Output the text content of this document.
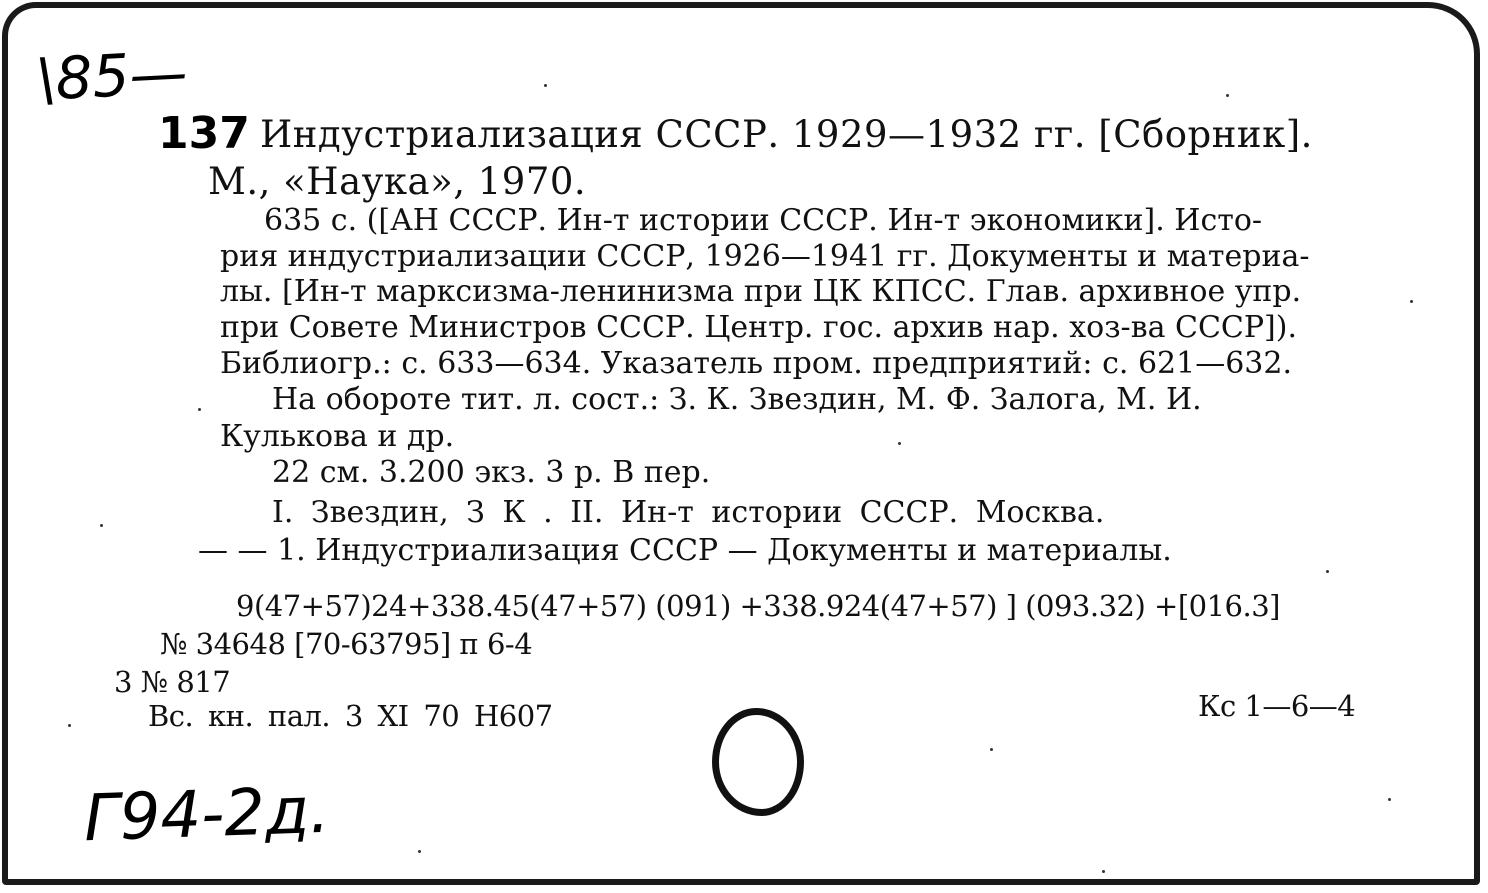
\85—
137
Г94-2д.
Индустриализация СССР. 1929—1932 гг. [Сборник].
М., «Наука», 1970.
635 с. ([АН СССР. Ин-т истории СССР. Ин-т экономики]. Исто-
рия индустриализации СССР, 1926—1941 гг. Документы и материа-
лы. [Ин-т марксизма-ленинизма при ЦК КПСС. Глав. архивное упр.
при Совете Министров СССР. Центр. гос. архив нар. хоз-ва СССР]).
Библиогр.: с. 633—634. Указатель пром. предприятий: с. 621—632.
На обороте тит. л. сост.: З. К. Звездин, М. Ф. Залога, М. И.
Кулькова и др.
22 см. 3.200 экз. 3 р. В пер.
I. Звездин, З К . II. Ин-т истории СССР. Москва.
— — 1. Индустриализация СССР — Документы и материалы.
9(47+57)24+338.45(47+57) (091) +338.924(47+57) ] (093.32) +[016.3]
№ 34648 [70-63795] п 6-4
3 № 817
Вс. кн. пал. 3 XI 70 Н607	Кс 1—6—4
